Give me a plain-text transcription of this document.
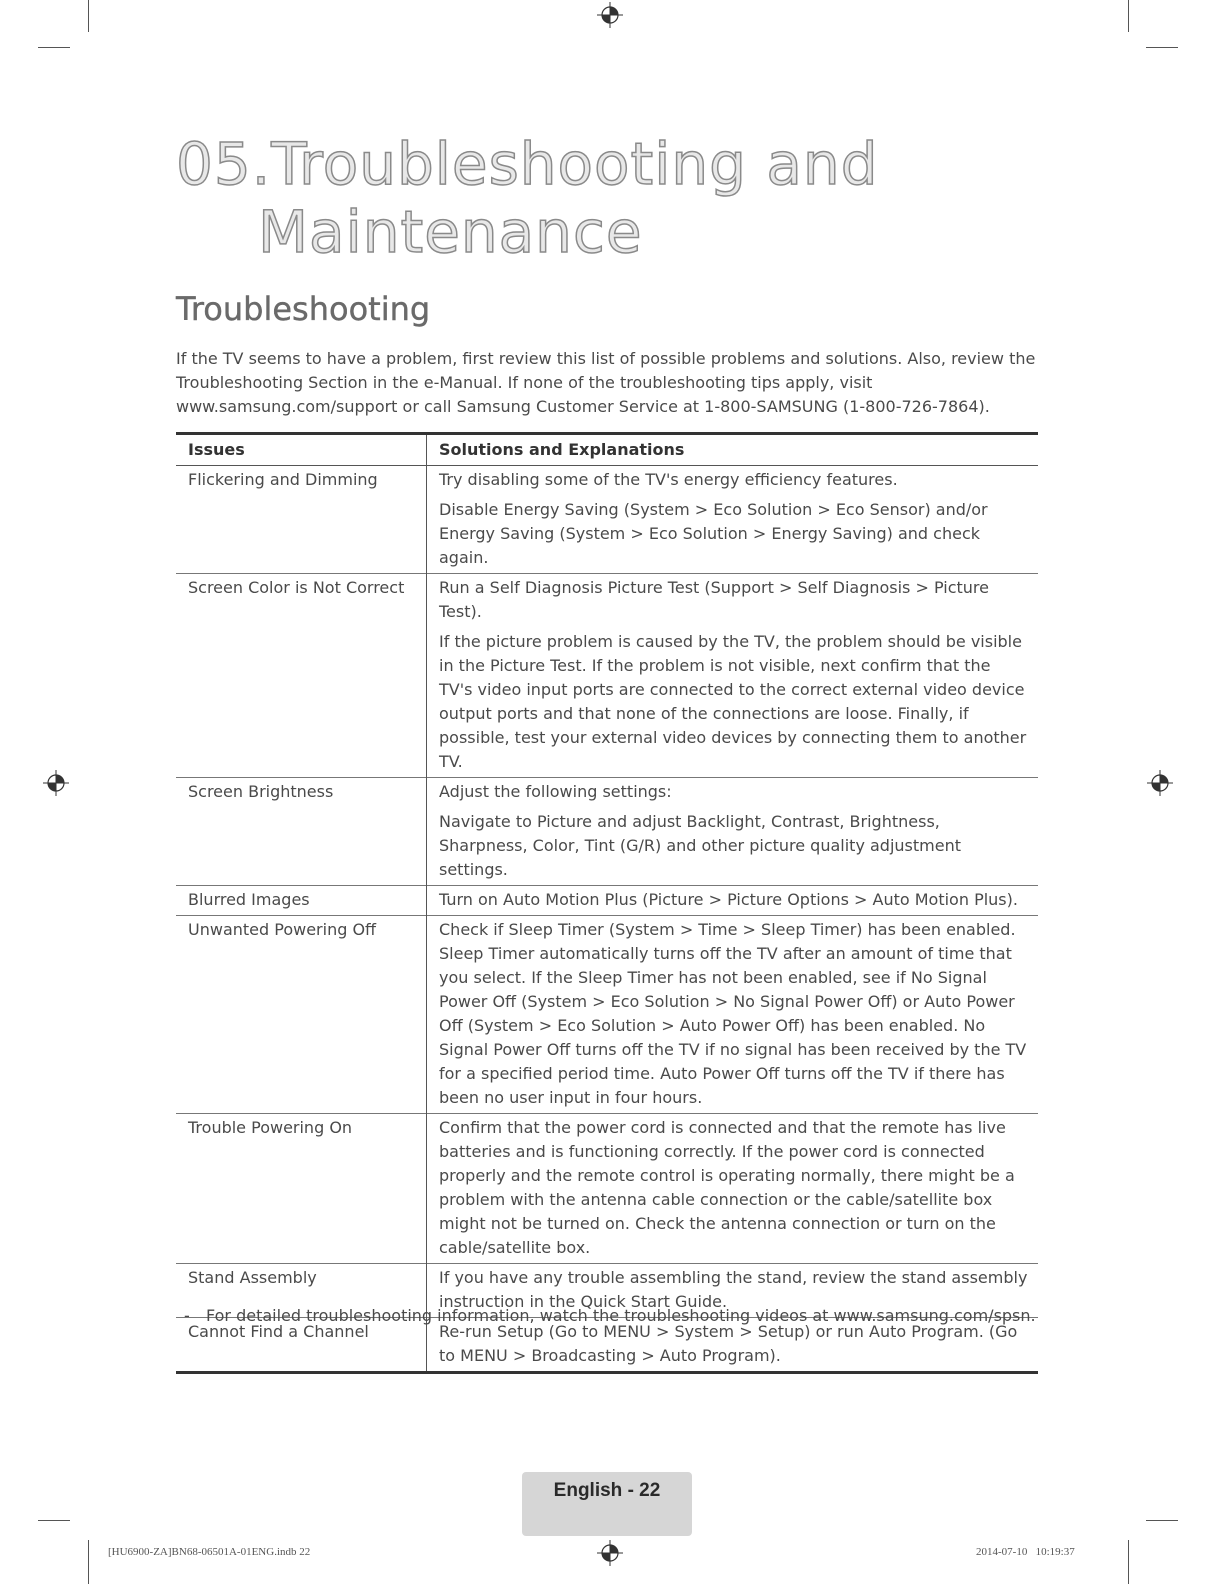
05.Troubleshooting and
Maintenance
Troubleshooting

If the TV seems to have a problem, first review this list of possible problems and solutions. Also, review the Troubleshooting Section in the e-Manual. If none of the troubleshooting tips apply, visit www.samsung.com/support or call Samsung Customer Service at 1-800-SAMSUNG (1-800-726-7864).

Issues	Solutions and Explanations
Flickering and Dimming	Try disabling some of the TV's energy efficiency features.

Disable Energy Saving (System > Eco Solution > Eco Sensor) and/or Energy Saving (System > Eco Solution > Energy Saving) and check again.

Screen Color is Not Correct	Run a Self Diagnosis Picture Test (Support > Self Diagnosis > Picture Test).

If the picture problem is caused by the TV, the problem should be visible in the Picture Test. If the problem is not visible, next confirm that the TV's video input ports are connected to the correct external video device output ports and that none of the connections are loose. Finally, if possible, test your external video devices by connecting them to another TV.

Screen Brightness	Adjust the following settings:

Navigate to Picture and adjust Backlight, Contrast, Brightness, Sharpness, Color, Tint (G/R) and other picture quality adjustment settings.

Blurred Images	Turn on Auto Motion Plus (Picture > Picture Options > Auto Motion Plus).

Unwanted Powering Off	Check if Sleep Timer (System > Time > Sleep Timer) has been enabled. Sleep Timer automatically turns off the TV after an amount of time that you select. If the Sleep Timer has not been enabled, see if No Signal Power Off (System > Eco Solution > No Signal Power Off) or Auto Power Off (System > Eco Solution > Auto Power Off) has been enabled. No Signal Power Off turns off the TV if no signal has been received by the TV for a specified period time. Auto Power Off turns off the TV if there has been no user input in four hours.

Trouble Powering On	Confirm that the power cord is connected and that the remote has live batteries and is functioning correctly. If the power cord is connected properly and the remote control is operating normally, there might be a problem with the antenna cable connection or the cable/satellite box might not be turned on. Check the antenna connection or turn on the cable/satellite box.

Stand Assembly	If you have any trouble assembling the stand, review the stand assembly instruction in the Quick Start Guide.

Cannot Find a Channel	Re-run Setup (Go to MENU > System > Setup) or run Auto Program. (Go to MENU > Broadcasting > Auto Program).

- For detailed troubleshooting information, watch the troubleshooting videos at www.samsung.com/spsn.
English - 22
[HU6900-ZA]BN68-06501A-01ENG.indb 22	2014-07-10   10:19:37
